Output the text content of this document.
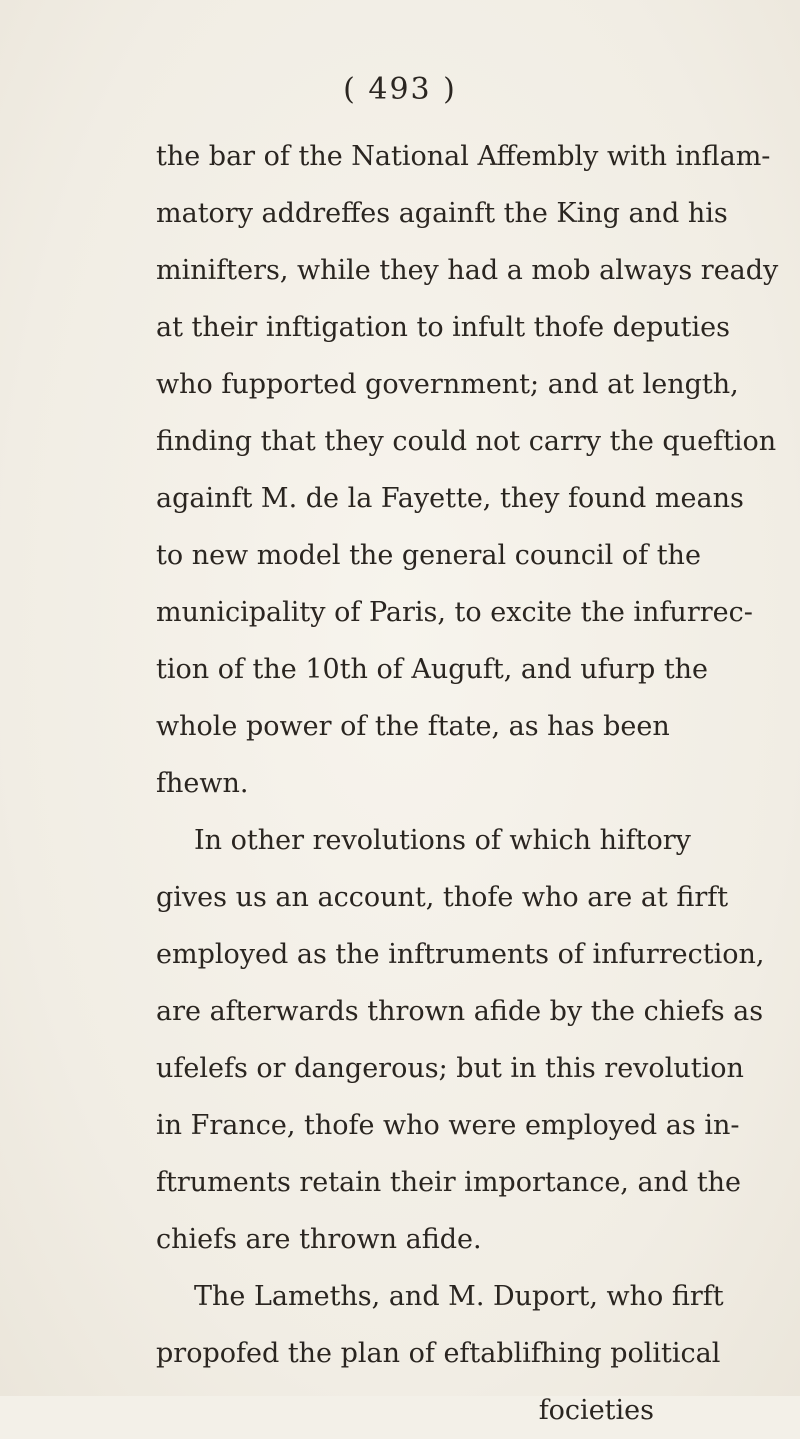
( 493 )
the bar of the National Affembly with inflam-
matory addreffes againft the King and his
minifters, while they had a mob always ready
at their inftigation to infult thofe deputies
who fupported government; and at length,
finding that they could not carry the queftion
againft M. de la Fayette, they found means
to new model the general council of the
municipality of Paris, to excite the infurrec-
tion of the 10th of Auguft, and ufurp the
whole power of the ftate, as has been
fhewn.
In other revolutions of which hiftory
gives us an account, thofe who are at firft
employed as the inftruments of infurrection,
are afterwards thrown afide by the chiefs as
ufelefs or dangerous; but in this revolution
in France, thofe who were employed as in-
ftruments retain their importance, and the
chiefs are thrown afide.
The Lameths, and M. Duport, who firft
propofed the plan of eftablifhing political
focieties
